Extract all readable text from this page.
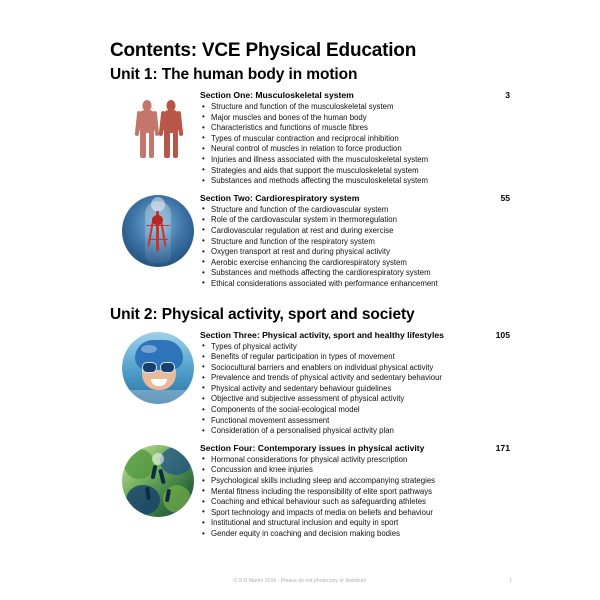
Contents: VCE Physical Education
Unit 1: The human body in motion
Section One: Musculoskeletal system	3
• Structure and function of the musculoskeletal system
• Major muscles and bones of the human body
• Characteristics and functions of muscle fibres
• Types of muscular contraction and reciprocal inhibition
• Neural control of muscles in relation to force production
• Injuries and illness associated with the musculoskeletal system
• Strategies and aids that support the musculoskeletal system
• Substances and methods affecting the musculoskeletal system
Section Two: Cardiorespiratory system	55
• Structure and function of the cardiovascular system
• Role of the cardiovascular system in thermoregulation
• Cardiovascular regulation at rest and during exercise
• Structure and function of the respiratory system
• Oxygen transport at rest and during physical activity
• Aerobic exercise enhancing the cardiorespiratory system
• Substances and methods affecting the cardiorespiratory system
• Ethical considerations associated with performance enhancement
Unit 2: Physical activity, sport and society
Section Three: Physical activity, sport and healthy lifestyles	105
• Types of physical activity
• Benefits of regular participation in types of movement
• Sociocultural barriers and enablers on individual physical activity
• Prevalence and trends of physical activity and sedentary behaviour
• Physical activity and sedentary behaviour guidelines
• Objective and subjective assessment of physical activity
• Components of the social-ecological model
• Functional movement assessment
• Consideration of a personalised physical activity plan
Section Four: Contemporary issues in physical activity	171
• Hormonal considerations for physical activity prescription
• Concussion and knee injuries
• Psychological skills including sleep and accompanying strategies
• Mental fitness including the responsibility of elite sport pathways
• Coaching and ethical behaviour such as safeguarding athletes
• Sport technology and impacts of media on beliefs and behaviour
• Institutional and structural inclusion and equity in sport
• Gender equity in coaching and decision making bodies
© S D Martin 2016 - Please do not photocopy or distribute	1
